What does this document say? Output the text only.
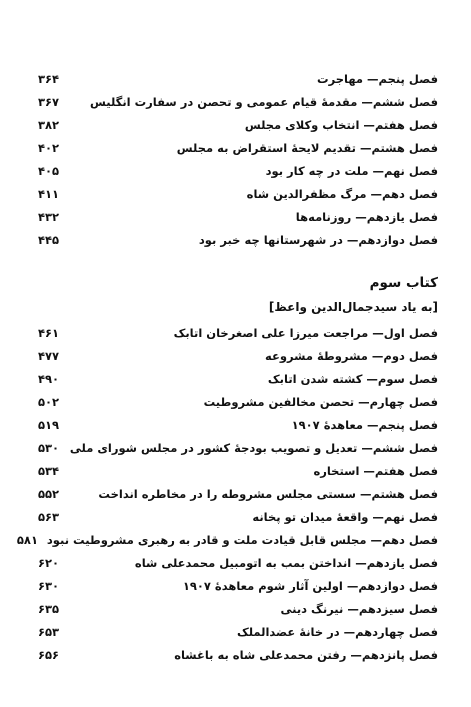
فصل پنجم— مهاجرت
۳۶۴
فصل ششم— مقدمهٔ قیام عمومی و تحصن در سفارت انگلیس
۳۶۷
فصل هفتم— انتخاب وکلای مجلس
۳۸۲
فصل هشتم— تقدیم لایحهٔ استقراض به مجلس
۴۰۲
فصل نهم— ملت در چه کار بود
۴۰۵
فصل دهم— مرگ مظفرالدین شاه
۴۱۱
فصل یازدهم— روزنامه‌ها
۴۳۲
فصل دوازدهم— در شهرستانها چه خبر بود
۴۴۵
کتاب سوم
[به یاد سیدجمال‌الدین واعظ]
فصل اول— مراجعت میرزا علی اصغرخان اتابک
۴۶۱
فصل دوم— مشروطهٔ مشروعه
۴۷۷
فصل سوم— کشته شدن اتابک
۴۹۰
فصل چهارم— تحصن مخالفین مشروطیت
۵۰۲
فصل پنجم— معاهدهٔ ۱۹۰۷
۵۱۹
فصل ششم— تعدیل و تصویب بودجهٔ کشور در مجلس شورای ملی
۵۳۰
فصل هفتم— استخاره
۵۳۴
فصل هشتم— سستی مجلس مشروطه را در مخاطره انداخت
۵۵۲
فصل نهم— واقعهٔ میدان تو پخانه
۵۶۳
فصل دهم— مجلس قابل قیادت ملت و قادر به رهبری مشروطیت نبود
۵۸۱
فصل یازدهم— انداختن بمب به اتومبیل محمدعلی شاه
۶۲۰
فصل دوازدهم— اولین آثار شوم معاهدهٔ ۱۹۰۷
۶۳۰
فصل سیزدهم— نیرنگ دینی
۶۳۵
فصل چهاردهم— در خانهٔ عضدالملک
۶۵۳
فصل پانزدهم— رفتن محمدعلی شاه به باغشاه
۶۵۶
